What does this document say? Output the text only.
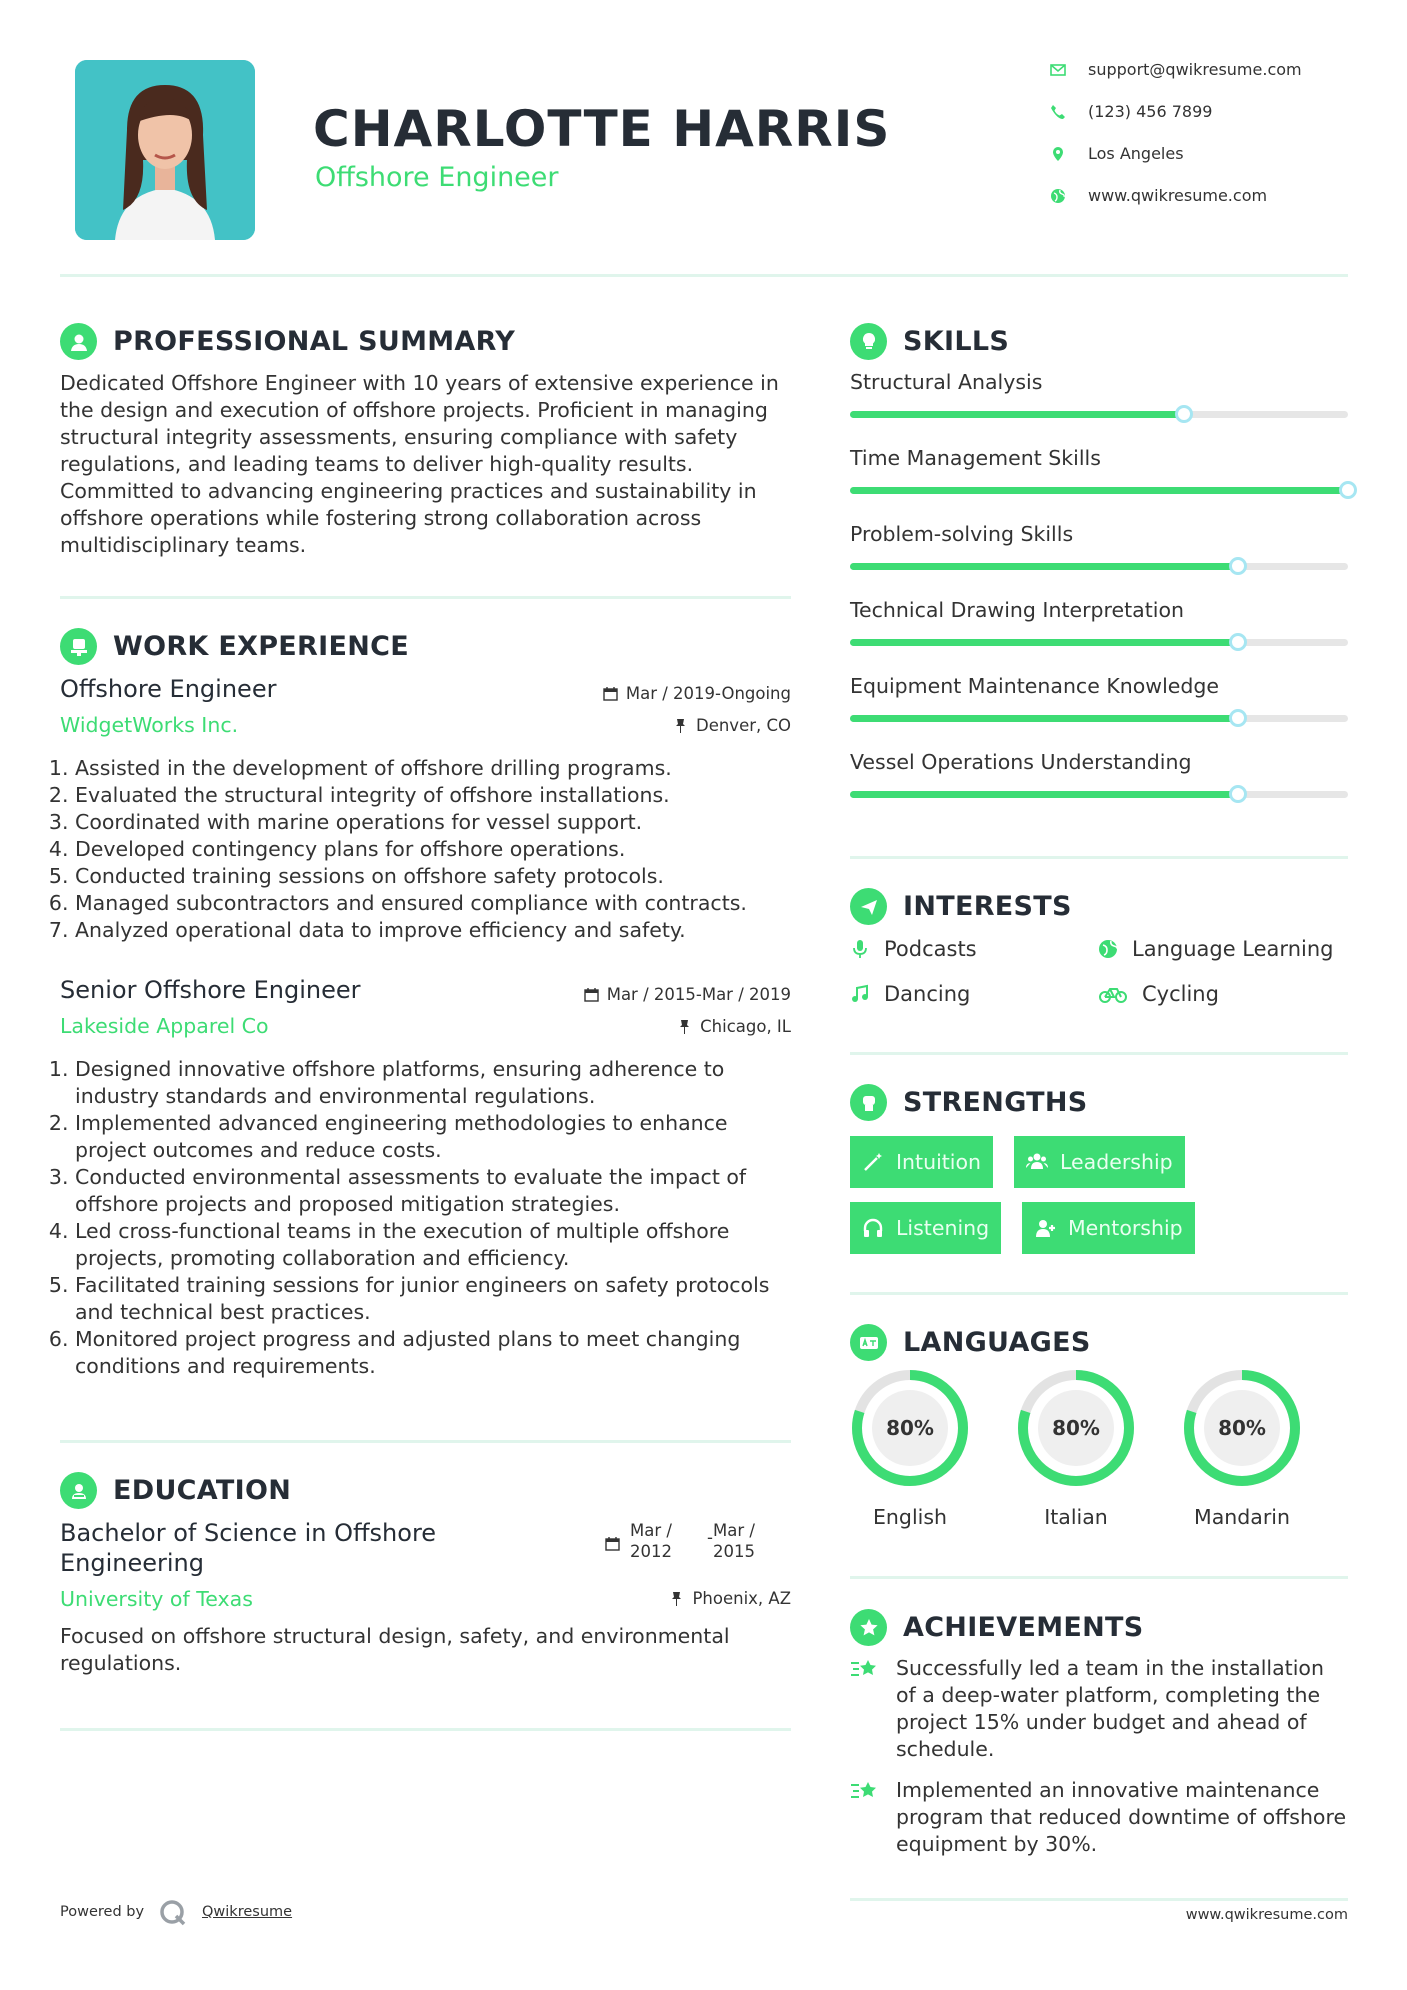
CHARLOTTE HARRIS
Offshore Engineer
support@qwikresume.com
(123) 456 7899
Los Angeles
www.qwikresume.com
PROFESSIONAL SUMMARY
Dedicated Offshore Engineer with 10 years of extensive experience in the design and execution of offshore projects. Proficient in managing structural integrity assessments, ensuring compliance with safety regulations, and leading teams to deliver high-quality results. Committed to advancing engineering practices and sustainability in offshore operations while fostering strong collaboration across multidisciplinary teams.
WORK EXPERIENCE
Offshore Engineer	Mar / 2019-Ongoing
WidgetWorks Inc.	Denver, CO
1. Assisted in the development of offshore drilling programs.
2. Evaluated the structural integrity of offshore installations.
3. Coordinated with marine operations for vessel support.
4. Developed contingency plans for offshore operations.
5. Conducted training sessions on offshore safety protocols.
6. Managed subcontractors and ensured compliance with contracts.
7. Analyzed operational data to improve efficiency and safety.
Senior Offshore Engineer	Mar / 2015-Mar / 2019
Lakeside Apparel Co	Chicago, IL
1. Designed innovative offshore platforms, ensuring adherence to industry standards and environmental regulations.
2. Implemented advanced engineering methodologies to enhance project outcomes and reduce costs.
3. Conducted environmental assessments to evaluate the impact of offshore projects and proposed mitigation strategies.
4. Led cross-functional teams in the execution of multiple offshore projects, promoting collaboration and efficiency.
5. Facilitated training sessions for junior engineers on safety protocols and technical best practices.
6. Monitored project progress and adjusted plans to meet changing conditions and requirements.
EDUCATION
Bachelor of Science in Offshore Engineering
Mar / 2012
- Mar / 2015
University of Texas	Phoenix, AZ
Focused on offshore structural design, safety, and environmental regulations.
SKILLS
Structural Analysis
Time Management Skills
Problem-solving Skills
Technical Drawing Interpretation
Equipment Maintenance Knowledge
Vessel Operations Understanding
INTERESTS
Podcasts	Language Learning
Dancing	Cycling
STRENGTHS
Intuition	Leadership
Listening	Mentorship
LANGUAGES
80%	80%	80%
English	Italian	Mandarin
ACHIEVEMENTS
Successfully led a team in the installation of a deep-water platform, completing the project 15% under budget and ahead of schedule.
Implemented an innovative maintenance program that reduced downtime of offshore equipment by 30%.
Powered by	Qwikresume	www.qwikresume.com
